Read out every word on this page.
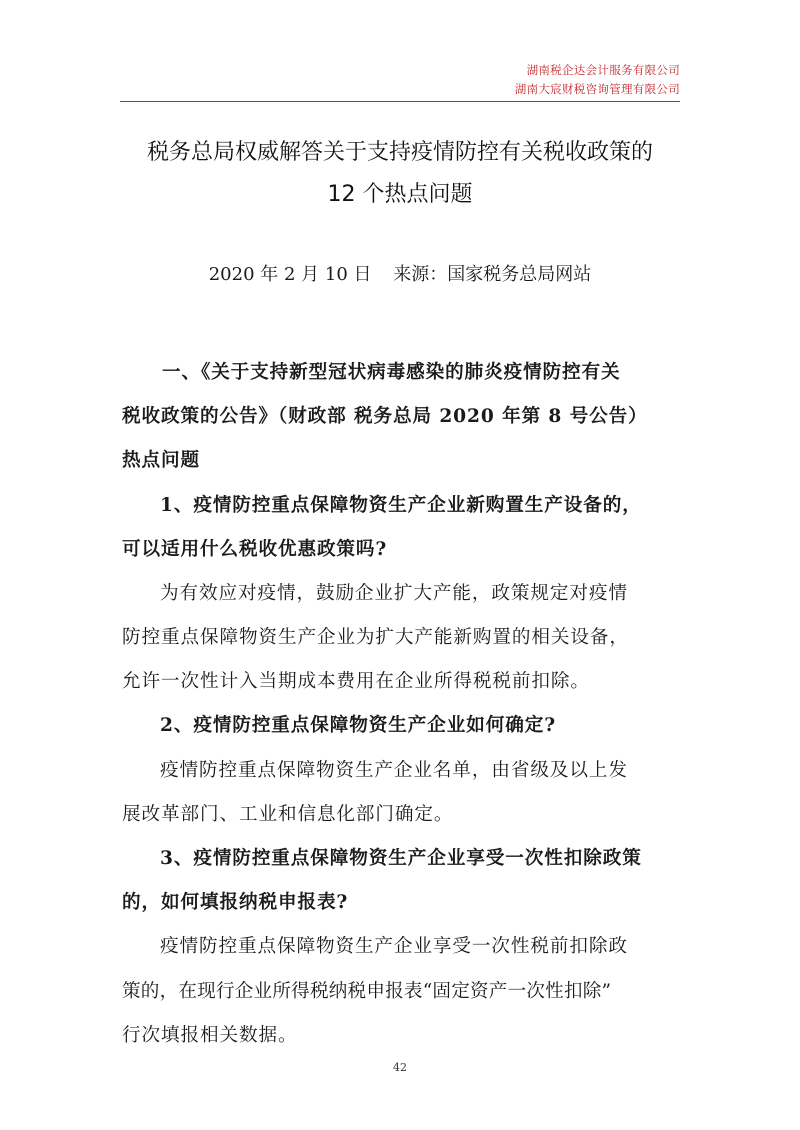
湖南税企达会计服务有限公司
湖南大宸财税咨询管理有限公司
税务总局权威解答关于支持疫情防控有关税收政策的
12 个热点问题
2020 年 2 月 10 日 来源：国家税务总局网站
一、《关于支持新型冠状病毒感染的肺炎疫情防控有关
税收政策的公告》（财政部 税务总局 2020 年第 8 号公告）
热点问题
1、疫情防控重点保障物资生产企业新购置生产设备的，
可以适用什么税收优惠政策吗?
为有效应对疫情，鼓励企业扩大产能，政策规定对疫情
防控重点保障物资生产企业为扩大产能新购置的相关设备，
允许一次性计入当期成本费用在企业所得税税前扣除。
2、疫情防控重点保障物资生产企业如何确定?
疫情防控重点保障物资生产企业名单，由省级及以上发
展改革部门、工业和信息化部门确定。
3、疫情防控重点保障物资生产企业享受一次性扣除政策
的，如何填报纳税申报表?
疫情防控重点保障物资生产企业享受一次性税前扣除政
策的，在现行企业所得税纳税申报表“固定资产一次性扣除”
行次填报相关数据。
42
